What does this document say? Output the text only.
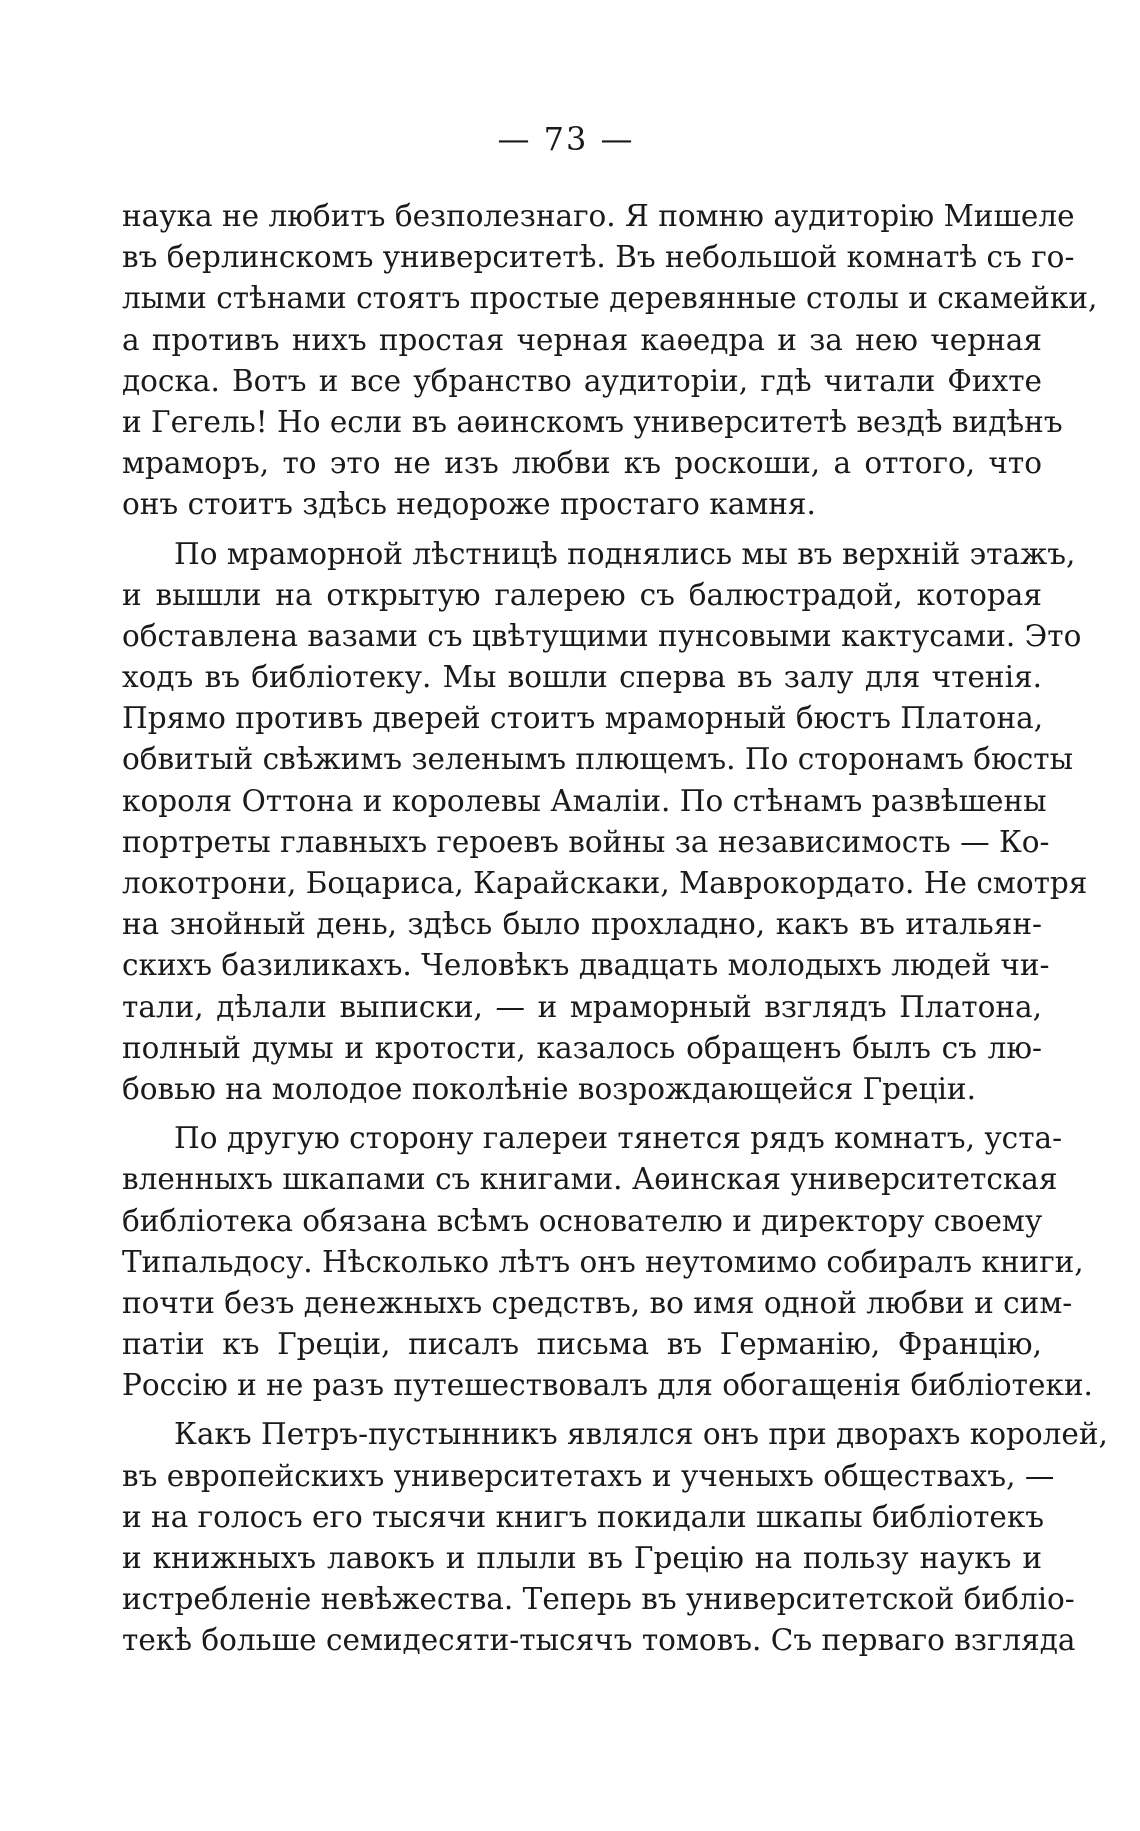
— 73 —
наука не любитъ безполезнаго. Я помню аудиторію Мишеле
въ берлинскомъ университетѣ. Въ небольшой комнатѣ съ го-
лыми стѣнами стоятъ простые деревянные столы и скамейки,
а противъ нихъ простая черная каѳедра и за нею черная
доска. Вотъ и все убранство аудиторіи, гдѣ читали Фихте
и Гегель! Но если въ аѳинскомъ университетѣ вездѣ видѣнъ
мраморъ, то это не изъ любви къ роскоши, а оттого, что
онъ стоитъ здѣсь недороже простаго камня.
По мраморной лѣстницѣ поднялись мы въ верхній этажъ,
и вышли на открытую галерею съ балюстрадой, которая
обставлена вазами съ цвѣтущими пунсовыми кактусами. Это
ходъ въ библіотеку. Мы вошли сперва въ залу для чтенія.
Прямо противъ дверей стоитъ мраморный бюстъ Платона,
обвитый свѣжимъ зеленымъ плющемъ. По сторонамъ бюсты
короля Оттона и королевы Амаліи. По стѣнамъ развѣшены
портреты главныхъ героевъ войны за независимость — Ко-
локотрони, Боцариса, Карайскаки, Маврокордато. Не смотря
на знойный день, здѣсь было прохладно, какъ въ итальян-
скихъ базиликахъ. Человѣкъ двадцать молодыхъ людей чи-
тали, дѣлали выписки, — и мраморный взглядъ Платона,
полный думы и кротости, казалось обращенъ былъ съ лю-
бовью на молодое поколѣніе возрождающейся Греціи.
По другую сторону галереи тянется рядъ комнатъ, уста-
вленныхъ шкапами съ книгами. Аѳинская университетская
библіотека обязана всѣмъ основателю и директору своему
Типальдосу. Нѣсколько лѣтъ онъ неутомимо собиралъ книги,
почти безъ денежныхъ средствъ, во имя одной любви и сим-
патіи къ Греціи, писалъ письма въ Германію, Францію,
Россію и не разъ путешествовалъ для обогащенія библіотеки.
Какъ Петръ-пустынникъ являлся онъ при дворахъ королей,
въ европейскихъ университетахъ и ученыхъ обществахъ, —
и на голосъ его тысячи книгъ покидали шкапы библіотекъ
и книжныхъ лавокъ и плыли въ Грецію на пользу наукъ и
истребленіе невѣжества. Теперь въ университетской библіо-
текѣ больше семидесяти-тысячъ томовъ. Съ перваго взгляда
